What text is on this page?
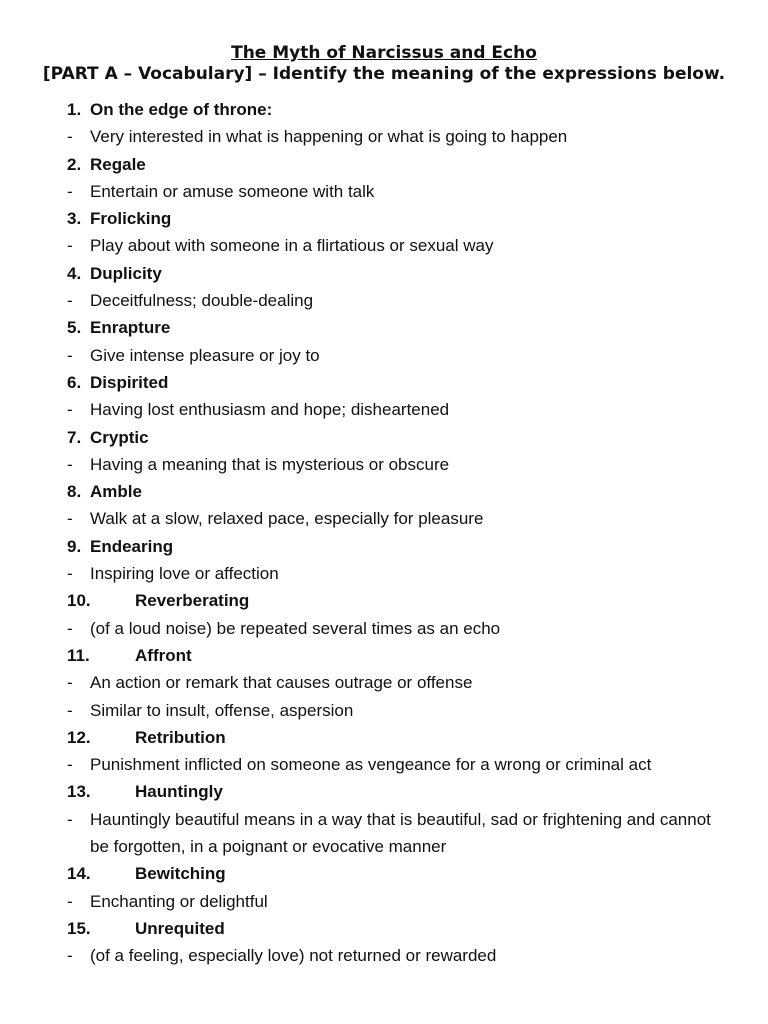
The Myth of Narcissus and Echo
[PART A – Vocabulary] – Identify the meaning of the expressions below.
1. On the edge of throne:
- Very interested in what is happening or what is going to happen
2. Regale
- Entertain or amuse someone with talk
3. Frolicking
- Play about with someone in a flirtatious or sexual way
4. Duplicity
- Deceitfulness; double-dealing
5. Enrapture
- Give intense pleasure or joy to
6. Dispirited
- Having lost enthusiasm and hope; disheartened
7. Cryptic
- Having a meaning that is mysterious or obscure
8. Amble
- Walk at a slow, relaxed pace, especially for pleasure
9. Endearing
- Inspiring love or affection
10.	Reverberating
- (of a loud noise) be repeated several times as an echo
11.	Affront
- An action or remark that causes outrage or offense
- Similar to insult, offense, aspersion
12.	Retribution
- Punishment inflicted on someone as vengeance for a wrong or criminal act
13.	Hauntingly
- Hauntingly beautiful means in a way that is beautiful, sad or frightening and cannot be forgotten, in a poignant or evocative manner
14.	Bewitching
- Enchanting or delightful
15.	Unrequited
- (of a feeling, especially love) not returned or rewarded
